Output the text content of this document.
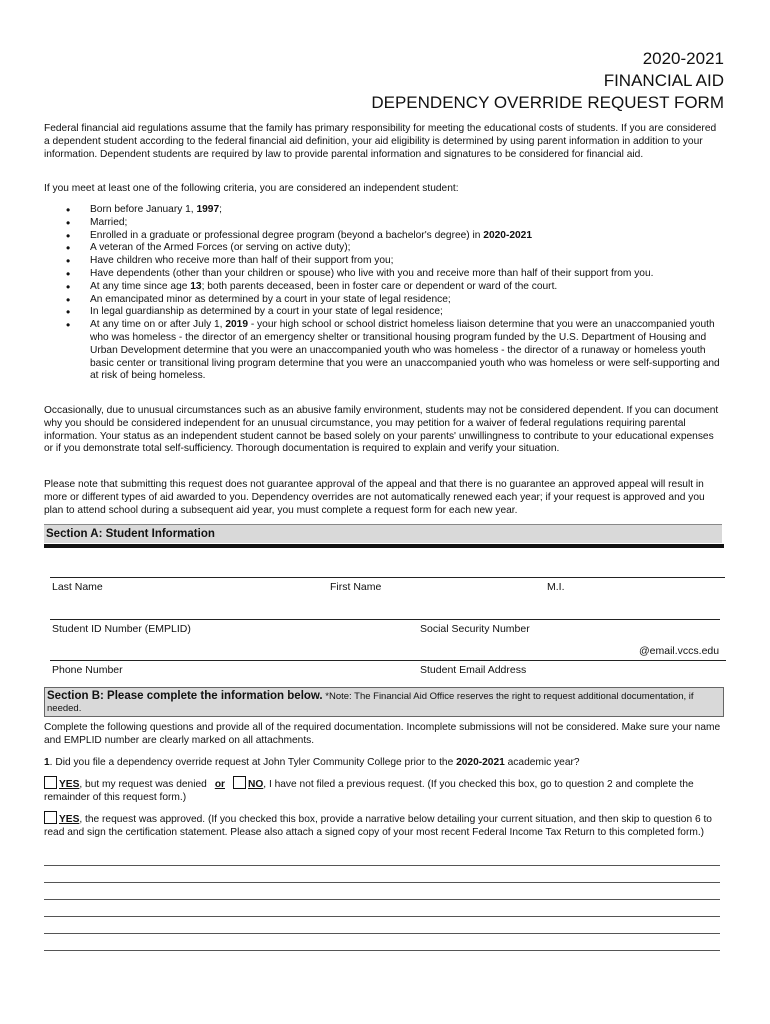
2020-2021
FINANCIAL AID
DEPENDENCY OVERRIDE REQUEST FORM

Federal financial aid regulations assume that the family has primary responsibility for meeting the educational costs of students. If you are considered a dependent student according to the federal financial aid definition, your aid eligibility is determined by using parent information in addition to your information. Dependent students are required by law to provide parental information and signatures to be considered for financial aid.

If you meet at least one of the following criteria, you are considered an independent student:

• Born before January 1, 1997;
• Married;
• Enrolled in a graduate or professional degree program (beyond a bachelor's degree) in 2020-2021
• A veteran of the Armed Forces (or serving on active duty);
• Have children who receive more than half of their support from you;
• Have dependents (other than your children or spouse) who live with you and receive more than half of their support from you.
• At any time since age 13; both parents deceased, been in foster care or dependent or ward of the court.
• An emancipated minor as determined by a court in your state of legal residence;
• In legal guardianship as determined by a court in your state of legal residence;
• At any time on or after July 1, 2019 - your high school or school district homeless liaison determine that you were an unaccompanied youth who was homeless - the director of an emergency shelter or transitional housing program funded by the U.S. Department of Housing and Urban Development determine that you were an unaccompanied youth who was homeless - the director of a runaway or homeless youth basic center or transitional living program determine that you were an unaccompanied youth who was homeless or were self-supporting and at risk of being homeless.

Occasionally, due to unusual circumstances such as an abusive family environment, students may not be considered dependent. If you can document why you should be considered independent for an unusual circumstance, you may petition for a waiver of federal regulations requiring parental information. Your status as an independent student cannot be based solely on your parents' unwillingness to contribute to your educational expenses or if you demonstrate total self-sufficiency. Thorough documentation is required to explain and verify your situation.

Please note that submitting this request does not guarantee approval of the appeal and that there is no guarantee an approved appeal will result in more or different types of aid awarded to you. Dependency overrides are not automatically renewed each year; if your request is approved and you plan to attend school during a subsequent aid year, you must complete a request form for each new year.

Section A: Student Information
Last Name	First Name	M.I.
Student ID Number (EMPLID)	Social Security Number
@email.vccs.edu
Phone Number	Student Email Address
Section B: Please complete the information below. *Note: The Financial Aid Office reserves the right to request additional documentation, if needed.

Complete the following questions and provide all of the required documentation. Incomplete submissions will not be considered. Make sure your name and EMPLID number are clearly marked on all attachments.

1. Did you file a dependency override request at John Tyler Community College prior to the 2020-2021 academic year?

YES, but my request was denied or NO, I have not filed a previous request. (If you checked this box, go to question 2 and complete the remainder of this request form.)

YES, the request was approved. (If you checked this box, provide a narrative below detailing your current situation, and then skip to question 6 to read and sign the certification statement. Please also attach a signed copy of your most recent Federal Income Tax Return to this completed form.)
